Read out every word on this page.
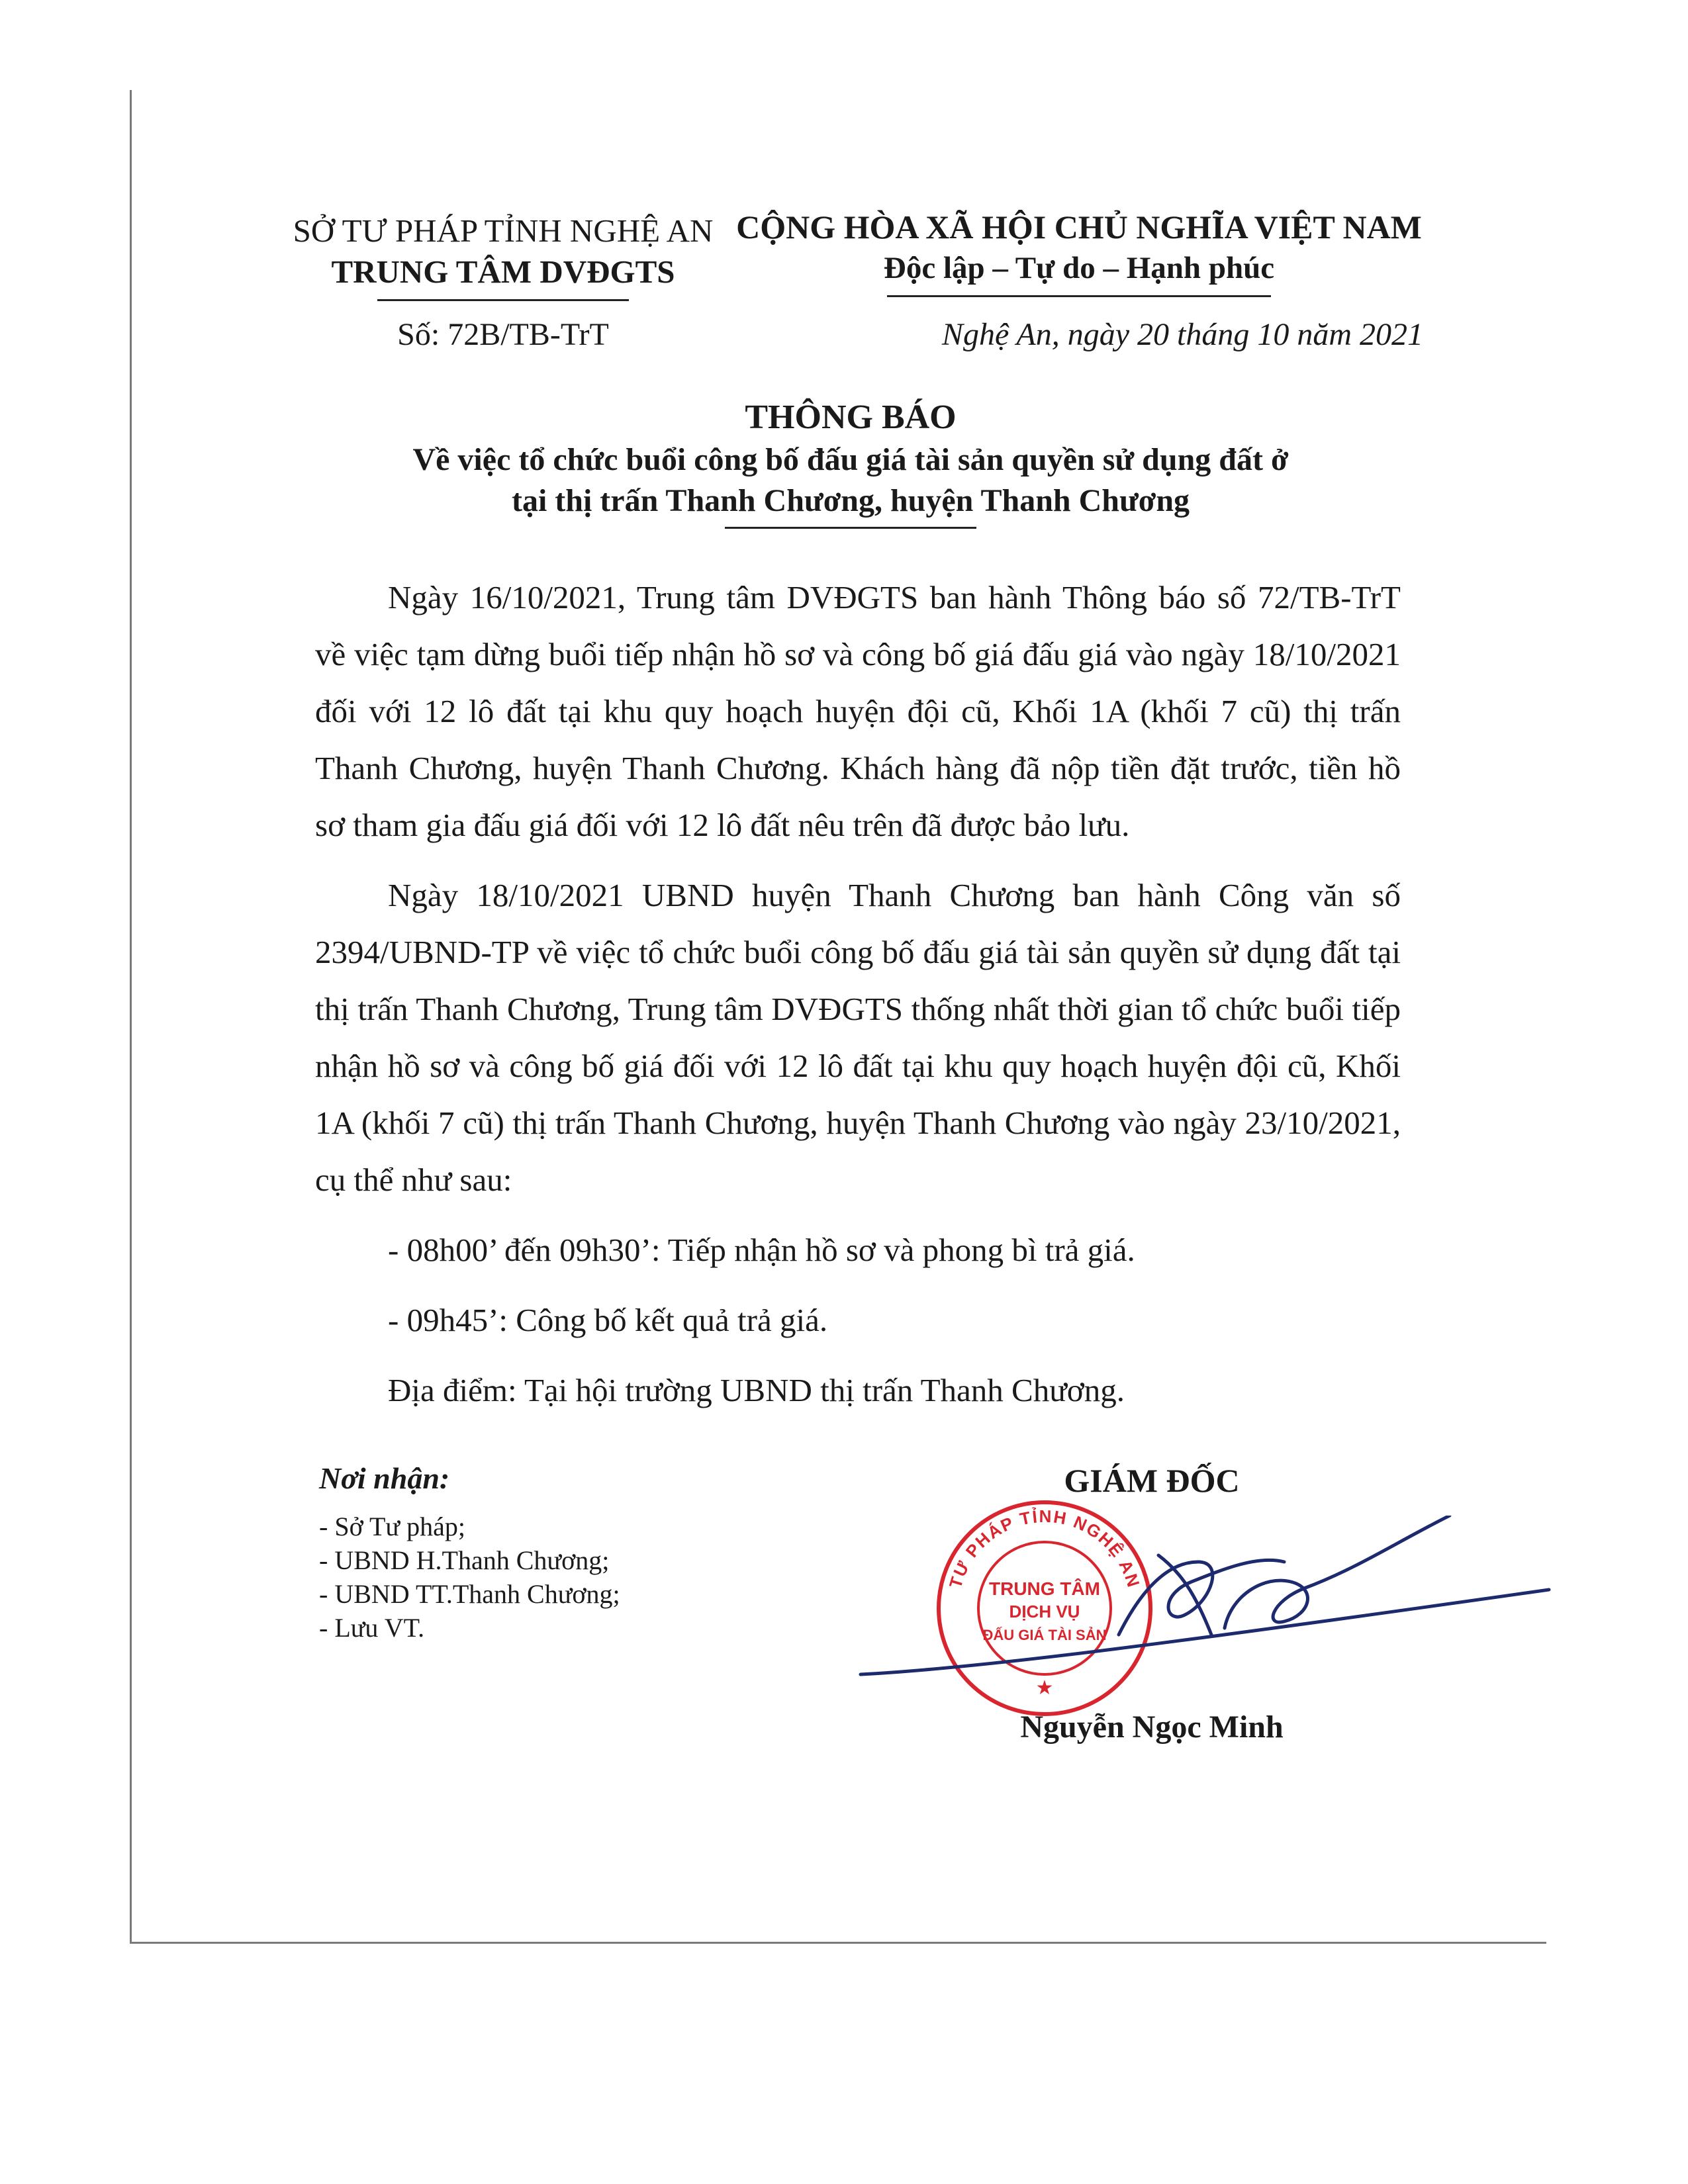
SỞ TƯ PHÁP TỈNH NGHỆ AN
TRUNG TÂM DVĐGTS
CỘNG HÒA XÃ HỘI CHỦ NGHĨA VIỆT NAM
Độc lập – Tự do – Hạnh phúc
Số: 72B/TB-TrT	Nghệ An, ngày 20 tháng 10 năm 2021
THÔNG BÁO
Về việc tổ chức buổi công bố đấu giá tài sản quyền sử dụng đất ở
tại thị trấn Thanh Chương, huyện Thanh Chương

Ngày 16/10/2021, Trung tâm DVĐGTS ban hành Thông báo số 72/TB-TrT về việc tạm dừng buổi tiếp nhận hồ sơ và công bố giá đấu giá vào ngày 18/10/2021 đối với 12 lô đất tại khu quy hoạch huyện đội cũ, Khối 1A (khối 7 cũ) thị trấn Thanh Chương, huyện Thanh Chương. Khách hàng đã nộp tiền đặt trước, tiền hồ sơ tham gia đấu giá đối với 12 lô đất nêu trên đã được bảo lưu.

Ngày 18/10/2021 UBND huyện Thanh Chương ban hành Công văn số 2394/UBND-TP về việc tổ chức buổi công bố đấu giá tài sản quyền sử dụng đất tại thị trấn Thanh Chương, Trung tâm DVĐGTS thống nhất thời gian tổ chức buổi tiếp nhận hồ sơ và công bố giá đối với 12 lô đất tại khu quy hoạch huyện đội cũ, Khối 1A (khối 7 cũ) thị trấn Thanh Chương, huyện Thanh Chương vào ngày 23/10/2021, cụ thể như sau:

- 08h00’ đến 09h30’: Tiếp nhận hồ sơ và phong bì trả giá.

- 09h45’: Công bố kết quả trả giá.

Địa điểm: Tại hội trường UBND thị trấn Thanh Chương.

Nơi nhận:
- Sở Tư pháp;
- UBND H.Thanh Chương;
- UBND TT.Thanh Chương;
- Lưu VT.
GIÁM ĐỐC
TƯ PHÁP TỈNH NGHỆ AN
TRUNG TÂM
DỊCH VỤ
ĐẤU GIÁ TÀI SẢN
★
Nguyễn Ngọc Minh
